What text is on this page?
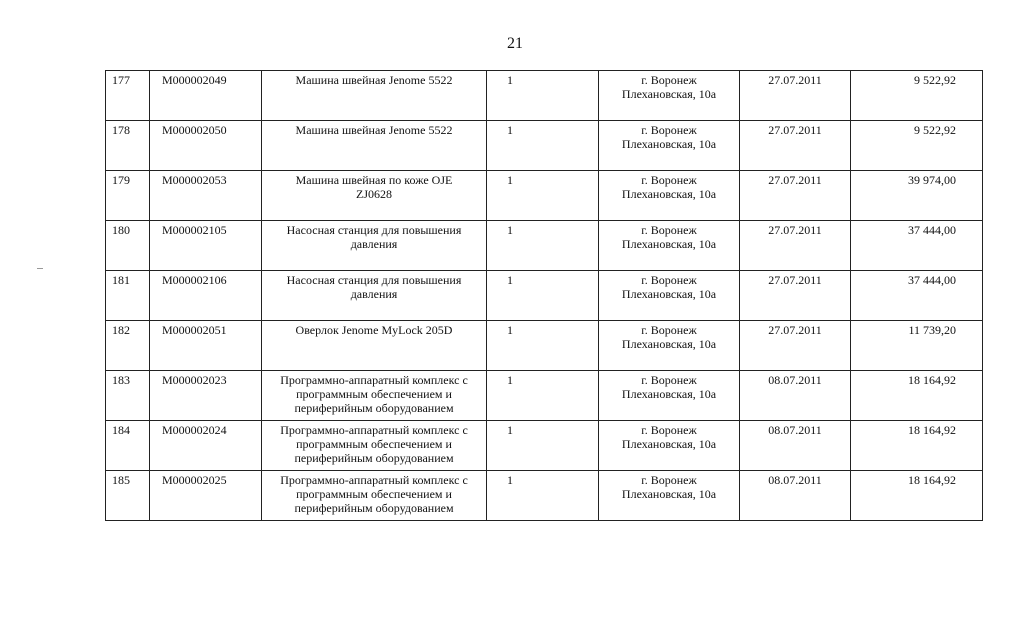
21
177	М000002049	Машина швейная Jenome 5522	1	г. Воронеж
Плехановская, 10а	27.07.2011	9 522,92
178	М000002050	Машина швейная Jenome 5522	1	г. Воронеж
Плехановская, 10а	27.07.2011	9 522,92
179	М000002053	Машина швейная по коже OJE
ZJ0628	1	г. Воронеж
Плехановская, 10а	27.07.2011	39 974,00
180	М000002105	Насосная станция для повышения
давления	1	г. Воронеж
Плехановская, 10а	27.07.2011	37 444,00
181	М000002106	Насосная станция для повышения
давления	1	г. Воронеж
Плехановская, 10а	27.07.2011	37 444,00
182	М000002051	Оверлок Jenome MyLock 205D	1	г. Воронеж
Плехановская, 10а	27.07.2011	11 739,20
183	М000002023	Программно-аппаратный комплекс с
программным обеспечением и
периферийным оборудованием	1	г. Воронеж
Плехановская, 10а	08.07.2011	18 164,92
184	М000002024	Программно-аппаратный комплекс с
программным обеспечением и
периферийным оборудованием	1	г. Воронеж
Плехановская, 10а	08.07.2011	18 164,92
185	М000002025	Программно-аппаратный комплекс с
программным обеспечением и
периферийным оборудованием	1	г. Воронеж
Плехановская, 10а	08.07.2011	18 164,92
